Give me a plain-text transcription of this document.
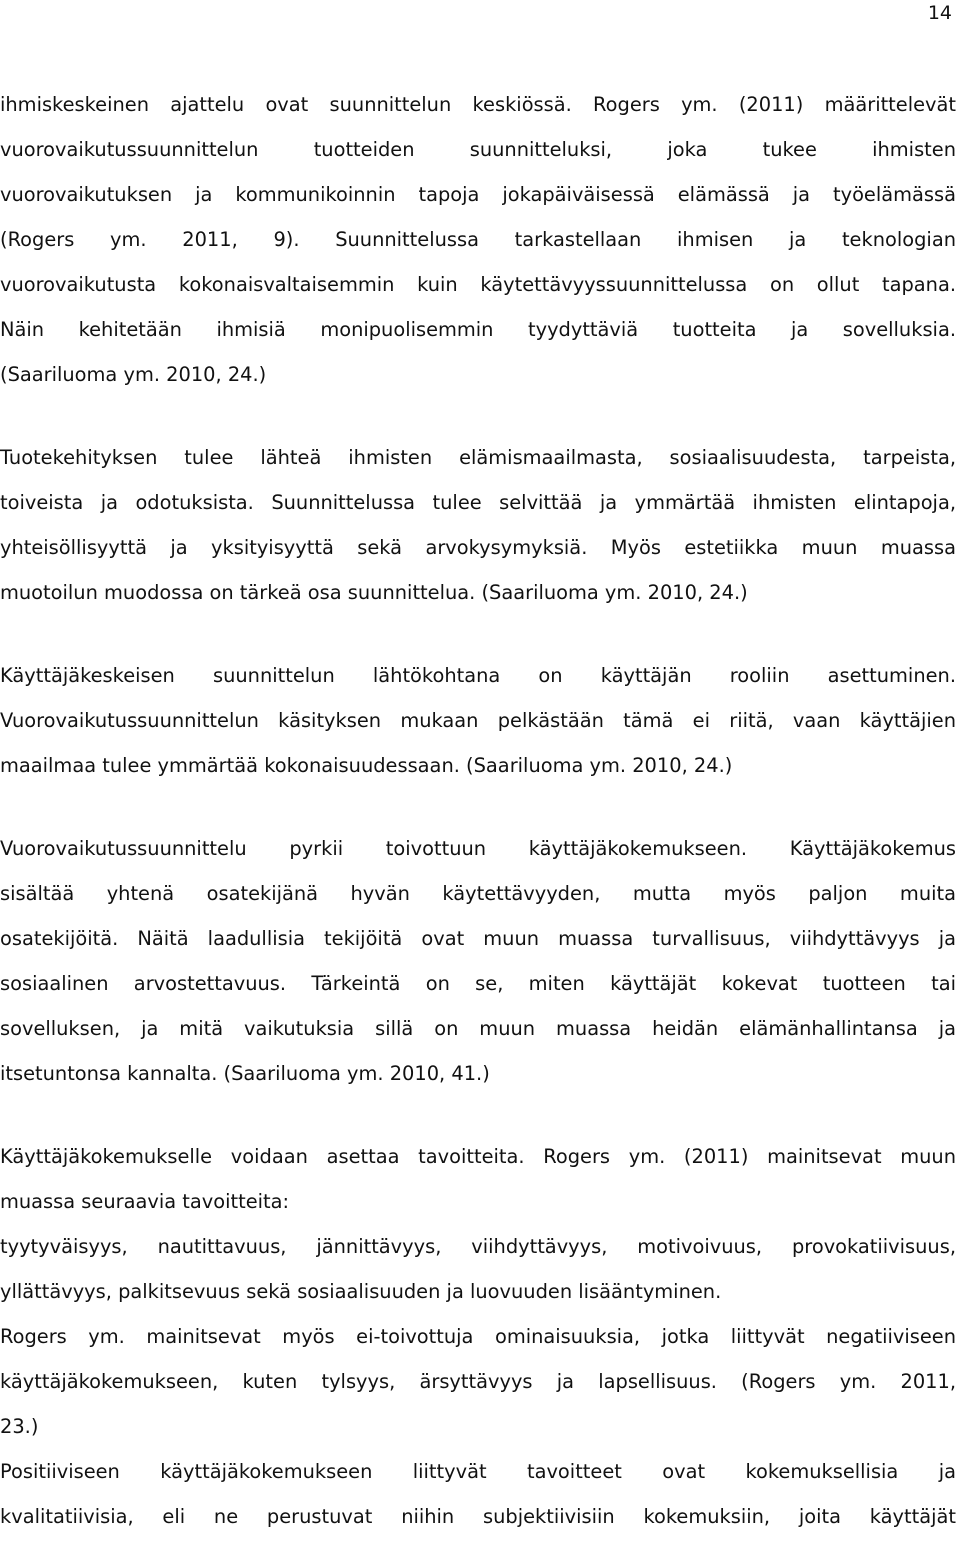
14

ihmiskeskeinen ajattelu ovat suunnittelun keskiössä. Rogers ym. (2011) määrittelevät
vuorovaikutussuunnittelun tuotteiden suunnitteluksi, joka tukee ihmisten
vuorovaikutuksen ja kommunikoinnin tapoja jokapäiväisessä elämässä ja työelämässä
(Rogers ym. 2011, 9). Suunnittelussa tarkastellaan ihmisen ja teknologian
vuorovaikutusta kokonaisvaltaisemmin kuin käytettävyyssuunnittelussa on ollut tapana.
Näin kehitetään ihmisiä monipuolisemmin tyydyttäviä tuotteita ja sovelluksia.
(Saariluoma ym. 2010, 24.)

Tuotekehityksen tulee lähteä ihmisten elämismaailmasta, sosiaalisuudesta, tarpeista,
toiveista ja odotuksista. Suunnittelussa tulee selvittää ja ymmärtää ihmisten elintapoja,
yhteisöllisyyttä ja yksityisyyttä sekä arvokysymyksiä. Myös estetiikka muun muassa
muotoilun muodossa on tärkeä osa suunnittelua. (Saariluoma ym. 2010, 24.)

Käyttäjäkeskeisen suunnittelun lähtökohtana on käyttäjän rooliin asettuminen.
Vuorovaikutussuunnittelun käsityksen mukaan pelkästään tämä ei riitä, vaan käyttäjien
maailmaa tulee ymmärtää kokonaisuudessaan. (Saariluoma ym. 2010, 24.)

Vuorovaikutussuunnittelu pyrkii toivottuun käyttäjäkokemukseen. Käyttäjäkokemus
sisältää yhtenä osatekijänä hyvän käytettävyyden, mutta myös paljon muita
osatekijöitä. Näitä laadullisia tekijöitä ovat muun muassa turvallisuus, viihdyttävyys ja
sosiaalinen arvostettavuus. Tärkeintä on se, miten käyttäjät kokevat tuotteen tai
sovelluksen, ja mitä vaikutuksia sillä on muun muassa heidän elämänhallintansa ja
itsetuntonsa kannalta. (Saariluoma ym. 2010, 41.)

Käyttäjäkokemukselle voidaan asettaa tavoitteita. Rogers ym. (2011) mainitsevat muun
muassa seuraavia tavoitteita:
tyytyväisyys, nautittavuus, jännittävyys, viihdyttävyys, motivoivuus, provokatiivisuus,
yllättävyys, palkitsevuus sekä sosiaalisuuden ja luovuuden lisääntyminen.
Rogers ym. mainitsevat myös ei-toivottuja ominaisuuksia, jotka liittyvät negatiiviseen
käyttäjäkokemukseen, kuten tylsyys, ärsyttävyys ja lapsellisuus. (Rogers ym. 2011,
23.)
Positiiviseen käyttäjäkokemukseen liittyvät tavoitteet ovat kokemuksellisia ja
kvalitatiivisia, eli ne perustuvat niihin subjektiivisiin kokemuksiin, joita käyttäjät
